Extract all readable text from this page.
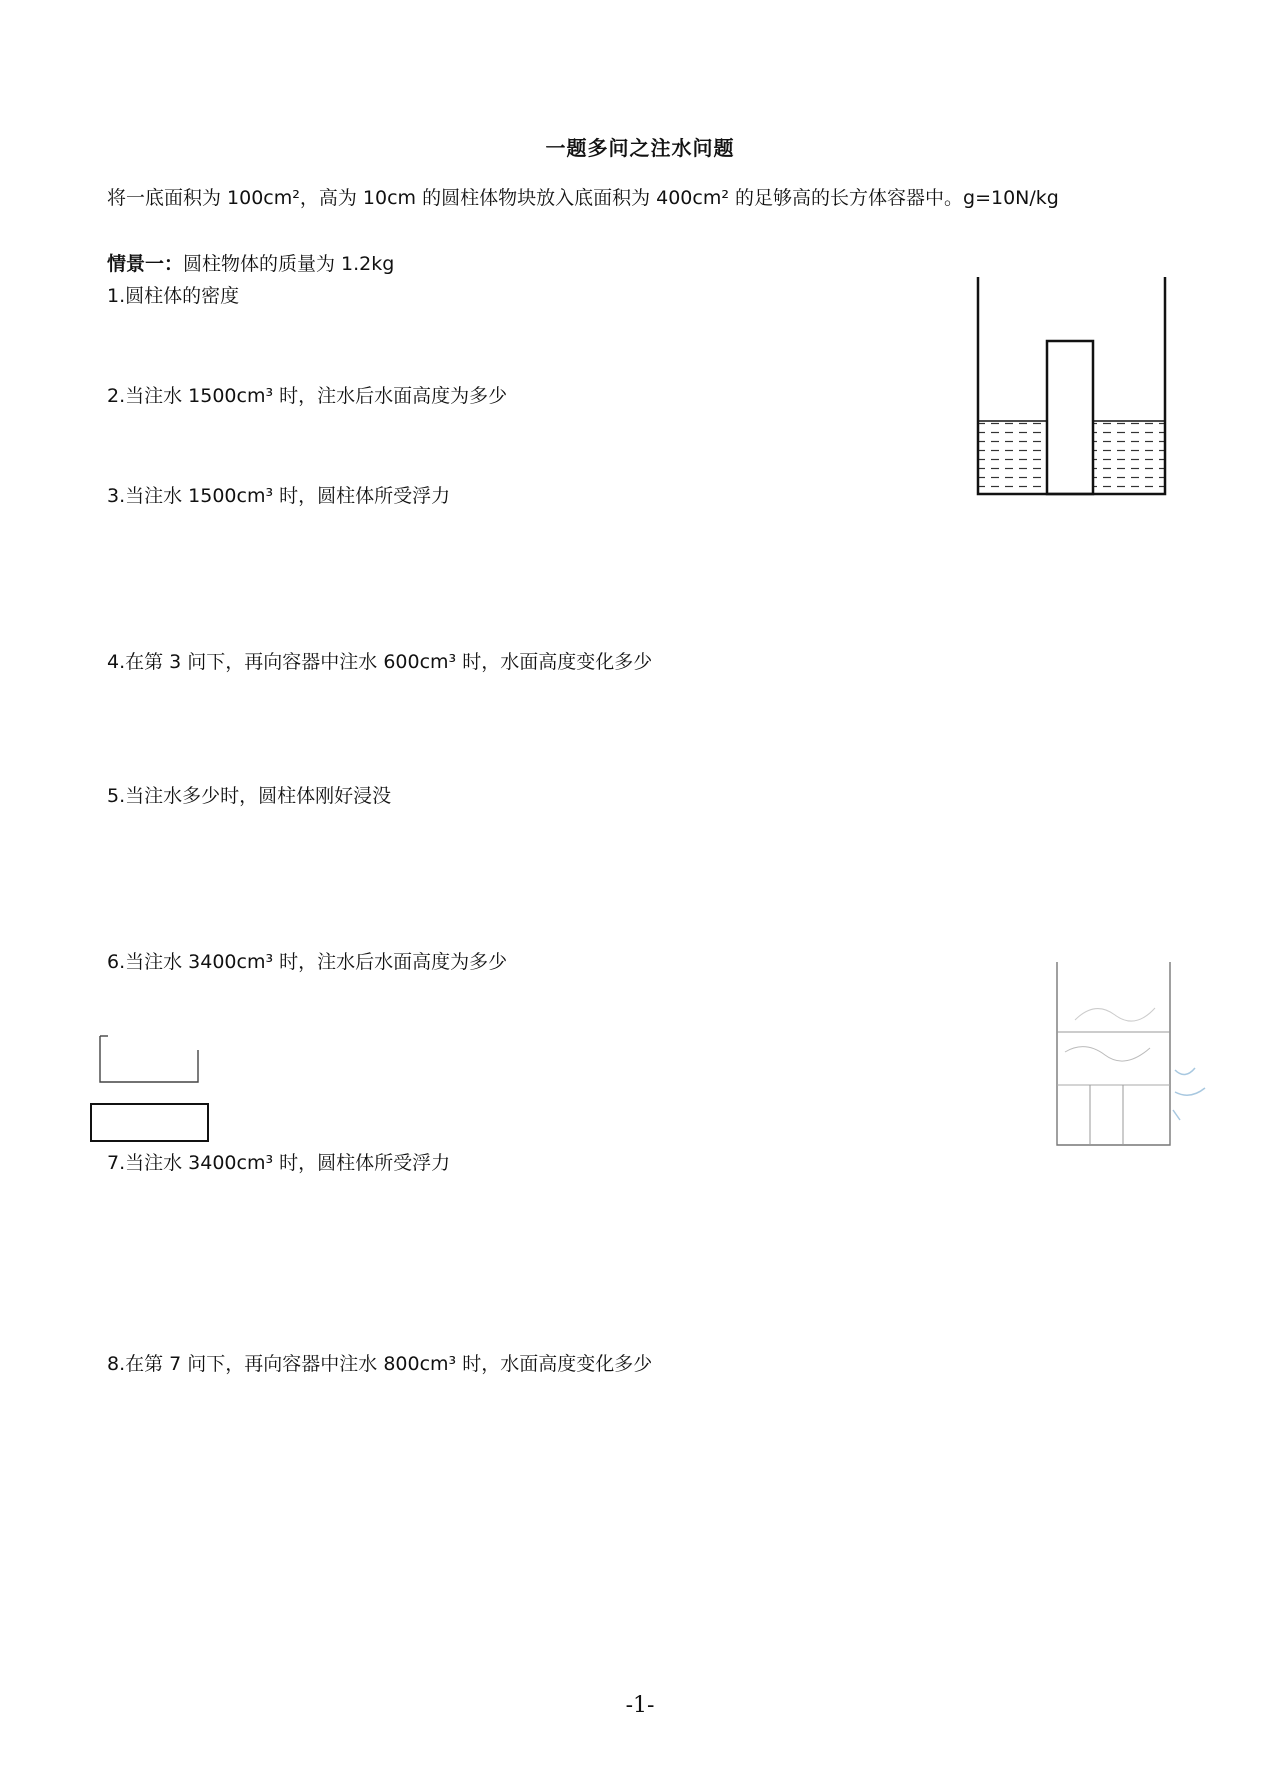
一题多问之注水问题
将一底面积为 100cm²，高为 10cm 的圆柱体物块放入底面积为 400cm² 的足够高的长方体容器中。g=10N/kg
情景一：圆柱物体的质量为 1.2kg
1.圆柱体的密度
2.当注水 1500cm³ 时，注水后水面高度为多少
3.当注水 1500cm³ 时，圆柱体所受浮力
4.在第 3 问下，再向容器中注水 600cm³ 时，水面高度变化多少
5.当注水多少时，圆柱体刚好浸没
6.当注水 3400cm³ 时，注水后水面高度为多少
7.当注水 3400cm³ 时，圆柱体所受浮力
8.在第 7 问下，再向容器中注水 800cm³ 时，水面高度变化多少
-1-
